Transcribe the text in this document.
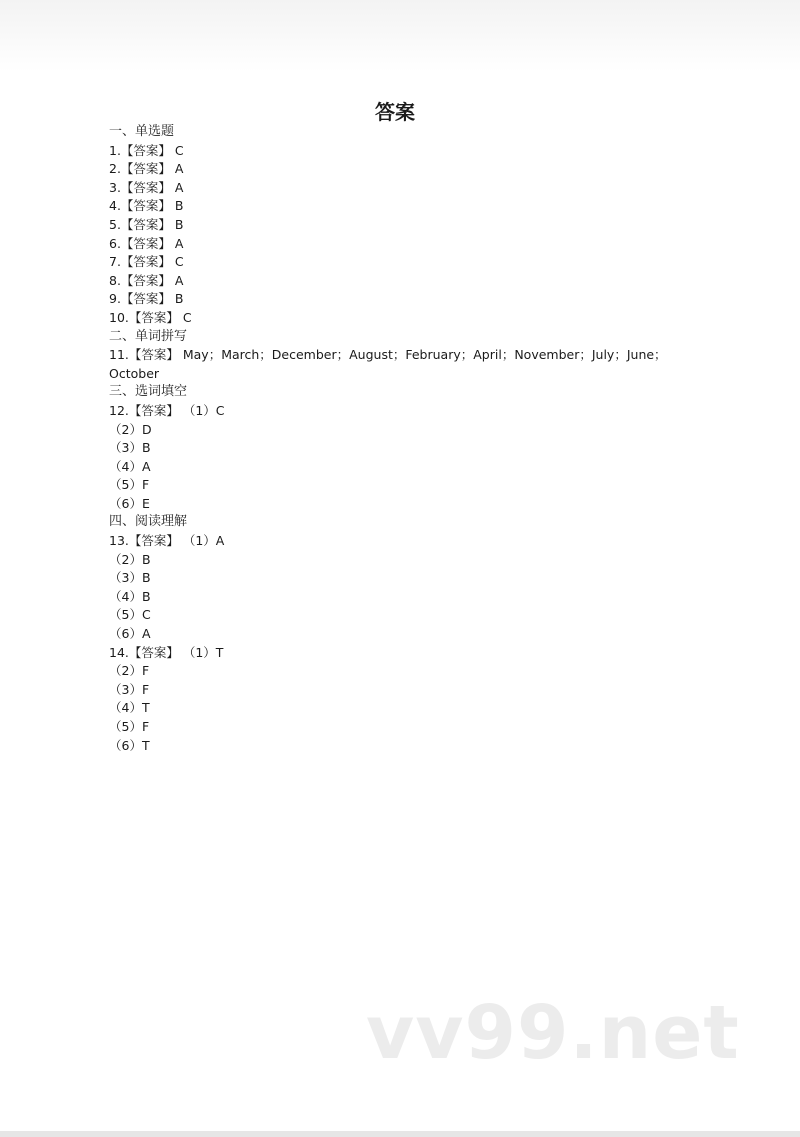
答案
一、单选题
1.【答案】 C
2.【答案】 A
3.【答案】 A
4.【答案】 B
5.【答案】 B
6.【答案】 A
7.【答案】 C
8.【答案】 A
9.【答案】 B
10.【答案】 C
二、单词拼写
11.【答案】 May；March；December；August；February；April；November；July；June；
October
三、选词填空
12.【答案】 （1）C
（2）D
（3）B
（4）A
（5）F
（6）E
四、阅读理解
13.【答案】 （1）A
（2）B
（3）B
（4）B
（5）C
（6）A
14.【答案】 （1）T
（2）F
（3）F
（4）T
（5）F
（6）T
vv99.net
